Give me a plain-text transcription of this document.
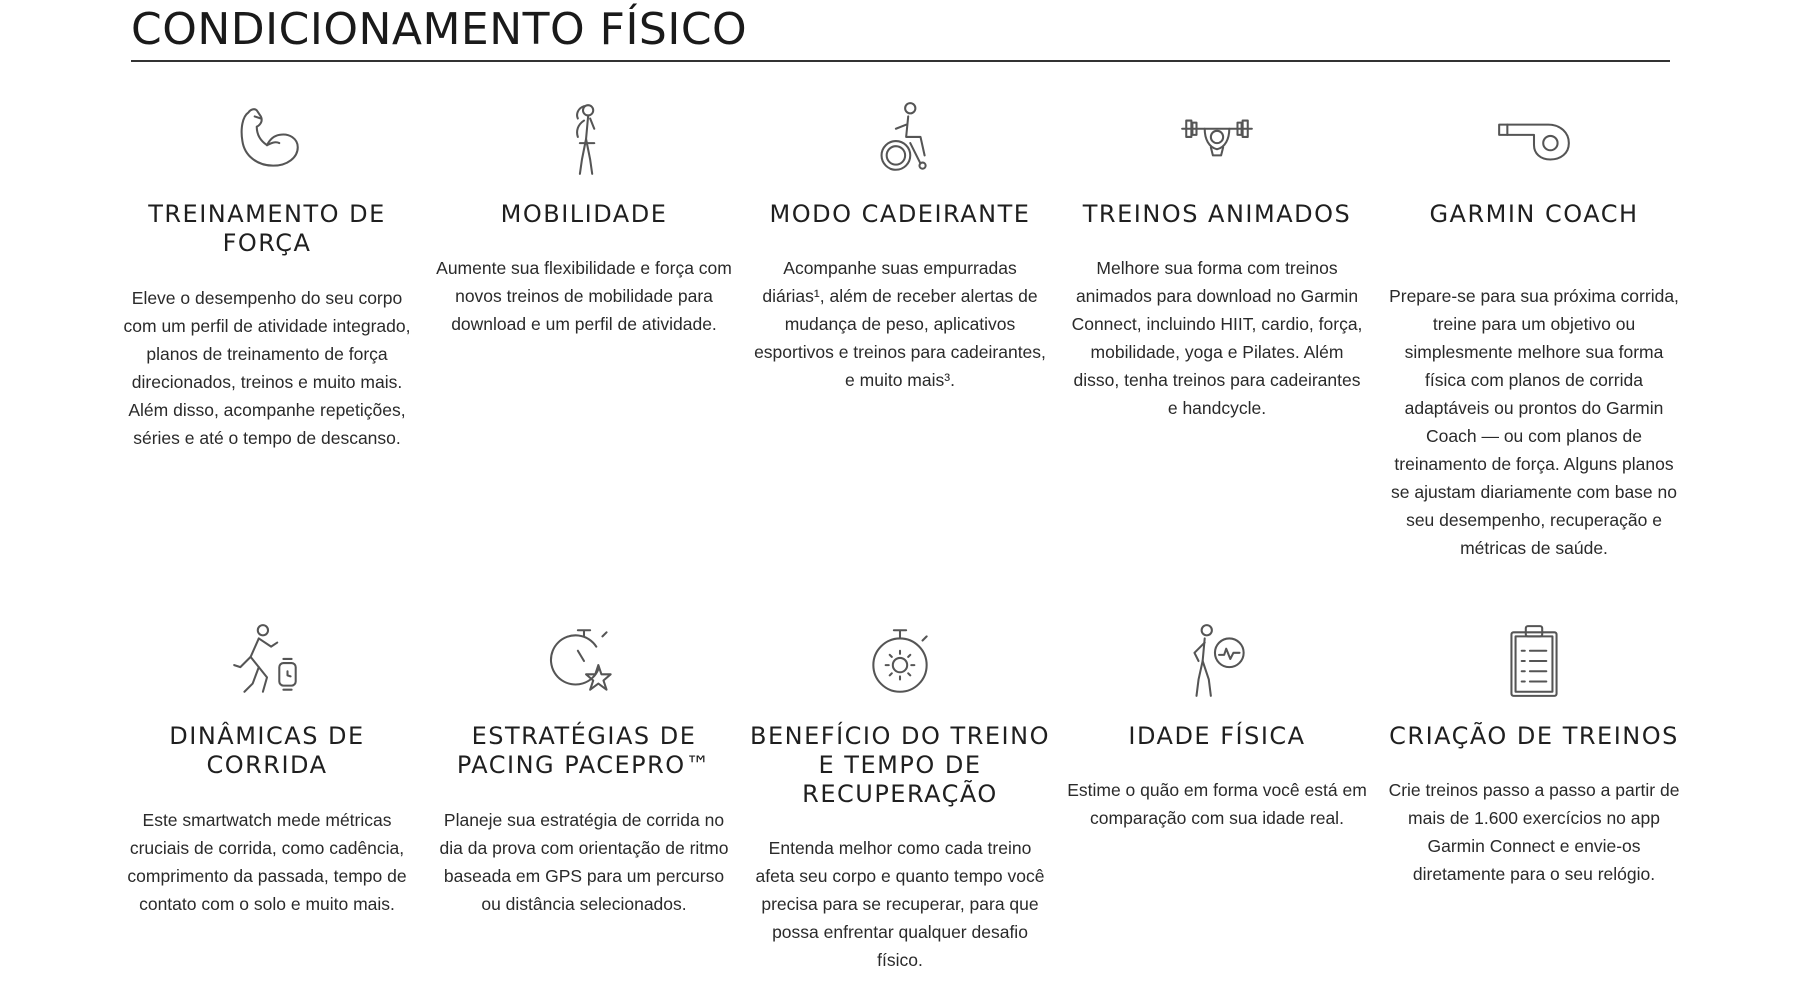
CONDICIONAMENTO FÍSICO
TREINAMENTO DE FORÇA

Eleve o desempenho do seu corpo com um perfil de atividade integrado, planos de treinamento de força direcionados, treinos e muito mais. Além disso, acompanhe repetições, séries e até o tempo de descanso.

MOBILIDADE

Aumente sua flexibilidade e força com novos treinos de mobilidade para download e um perfil de atividade.

MODO CADEIRANTE

Acompanhe suas empurradas diárias¹, além de receber alertas de mudança de peso, aplicativos esportivos e treinos para cadeirantes, e muito mais³.

TREINOS ANIMADOS

Melhore sua forma com treinos animados para download no Garmin Connect, incluindo HIIT, cardio, força, mobilidade, yoga e Pilates. Além disso, tenha treinos para cadeirantes e handcycle.

GARMIN COACH

Prepare-se para sua próxima corrida, treine para um objetivo ou simplesmente melhore sua forma física com planos de corrida adaptáveis ou prontos do Garmin Coach — ou com planos de treinamento de força. Alguns planos se ajustam diariamente com base no seu desempenho, recuperação e métricas de saúde.

DINÂMICAS DE CORRIDA

Este smartwatch mede métricas cruciais de corrida, como cadência, comprimento da passada, tempo de contato com o solo e muito mais.

ESTRATÉGIAS DE PACING PACEPRO™

Planeje sua estratégia de corrida no dia da prova com orientação de ritmo baseada em GPS para um percurso ou distância selecionados.

BENEFÍCIO DO TREINO E TEMPO DE RECUPERAÇÃO

Entenda melhor como cada treino afeta seu corpo e quanto tempo você precisa para se recuperar, para que possa enfrentar qualquer desafio físico.

IDADE FÍSICA

Estime o quão em forma você está em comparação com sua idade real.

CRIAÇÃO DE TREINOS

Crie treinos passo a passo a partir de mais de 1.600 exercícios no app Garmin Connect e envie-os diretamente para o seu relógio.
